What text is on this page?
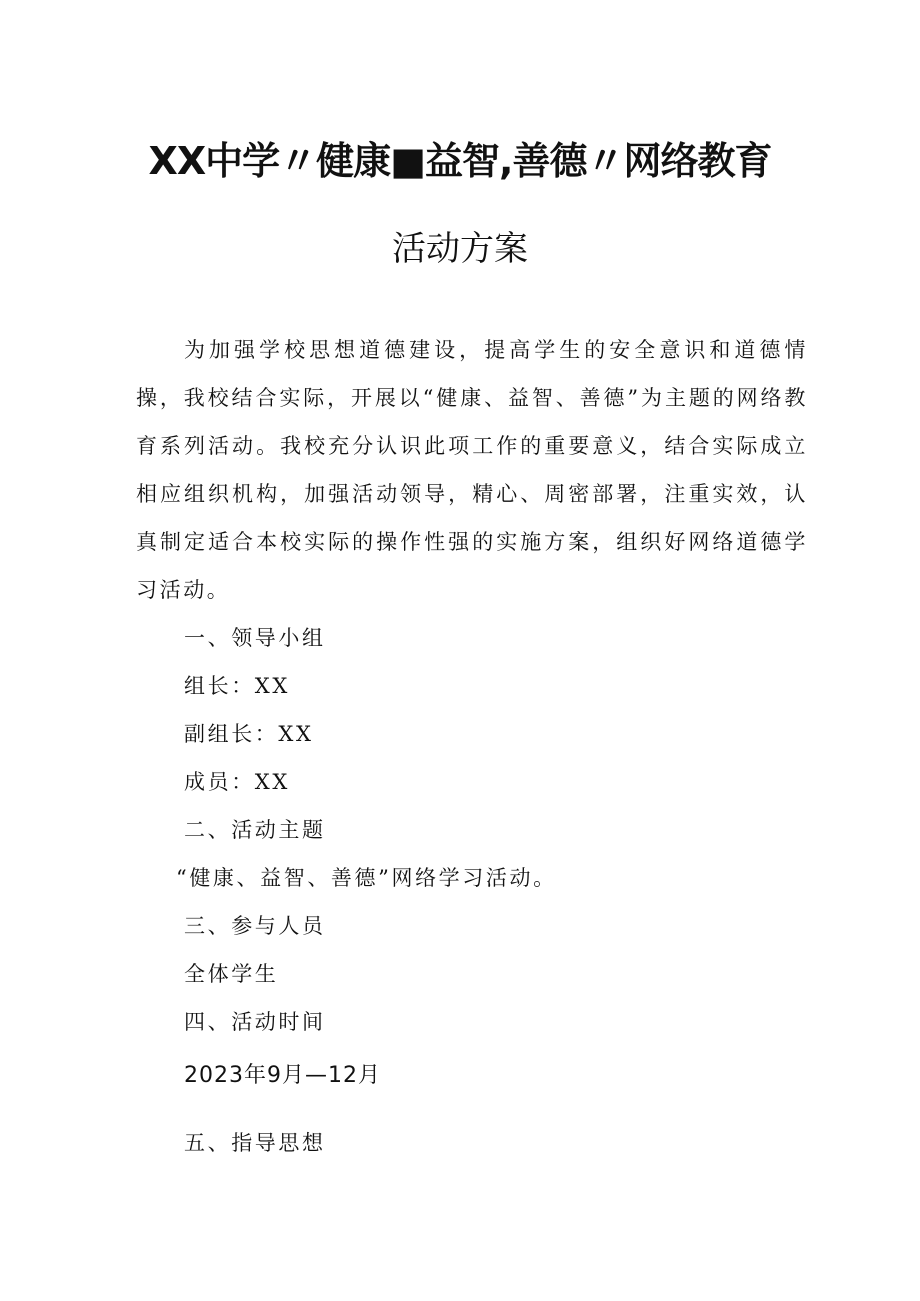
XX中学〃健康■益智,善德〃网络教育
活动方案
为加强学校思想道德建设，提高学生的安全意识和道德情操，我校结合实际，开展以“健康、益智、善德”为主题的网络教育系列活动。我校充分认识此项工作的重要意义，结合实际成立相应组织机构，加强活动领导，精心、周密部署，注重实效，认真制定适合本校实际的操作性强的实施方案，组织好网络道德学习活动。
一、领导小组
组长：XX
副组长：XX
成员：XX
二、活动主题
“健康、益智、善德”网络学习活动。
三、参与人员
全体学生
四、活动时间
2023年9月—12月
五、指导思想
